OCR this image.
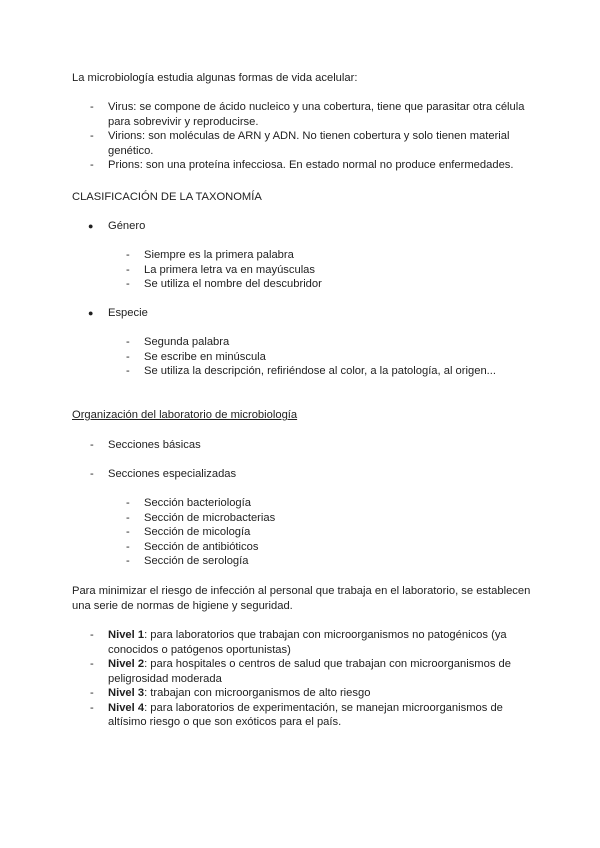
La microbiología estudia algunas formas de vida acelular:

- Virus: se compone de ácido nucleico y una cobertura, tiene que parasitar otra célula para sobrevivir y reproducirse.
- Virions: son moléculas de ARN y ADN. No tienen cobertura y solo tienen material genético.
- Prions: son una proteína infecciosa. En estado normal no produce enfermedades.

CLASIFICACIÓN DE LA TAXONOMÍA

● Género
- Siempre es la primera palabra
- La primera letra va en mayúsculas
- Se utiliza el nombre del descubridor
● Especie
- Segunda palabra
- Se escribe en minúscula
- Se utiliza la descripción, refiriéndose al color, a la patología, al origen...

Organización del laboratorio de microbiología

- Secciones básicas
- Secciones especializadas
- Sección bacteriología
- Sección de microbacterias
- Sección de micología
- Sección de antibióticos
- Sección de serología

Para minimizar el riesgo de infección al personal que trabaja en el laboratorio, se establecen una serie de normas de higiene y seguridad.

- Nivel 1: para laboratorios que trabajan con microorganismos no patogénicos (ya conocidos o patógenos oportunistas)
- Nivel 2: para hospitales o centros de salud que trabajan con microorganismos de peligrosidad moderada
- Nivel 3: trabajan con microorganismos de alto riesgo
- Nivel 4: para laboratorios de experimentación, se manejan microorganismos de altísimo riesgo o que son exóticos para el país.
